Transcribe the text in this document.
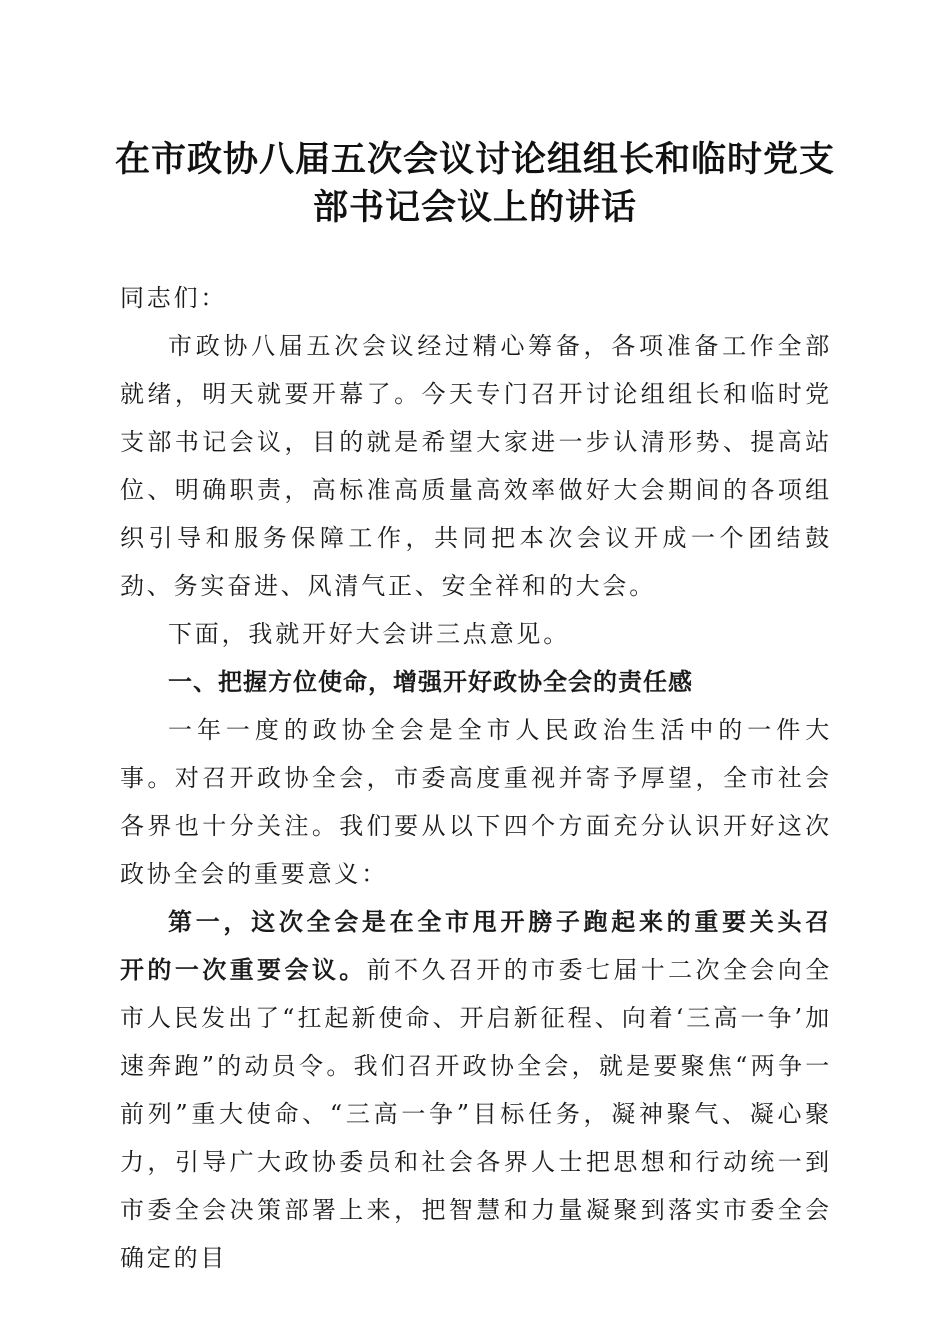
在市政协八届五次会议讨论组组长和临时党支
部书记会议上的讲话

同志们：

市政协八届五次会议经过精心筹备，各项准备工作全部就绪，明天就要开幕了。今天专门召开讨论组组长和临时党支部书记会议，目的就是希望大家进一步认清形势、提高站位、明确职责，高标准高质量高效率做好大会期间的各项组织引导和服务保障工作，共同把本次会议开成一个团结鼓劲、务实奋进、风清气正、安全祥和的大会。

下面，我就开好大会讲三点意见。

一、把握方位使命，增强开好政协全会的责任感

一年一度的政协全会是全市人民政治生活中的一件大事。对召开政协全会，市委高度重视并寄予厚望，全市社会各界也十分关注。我们要从以下四个方面充分认识开好这次政协全会的重要意义：

第一，这次全会是在全市甩开膀子跑起来的重要关头召开的一次重要会议。前不久召开的市委七届十二次全会向全市人民发出了“扛起新使命、开启新征程、向着‘三高一争’加速奔跑”的动员令。我们召开政协全会，就是要聚焦“两争一前列”重大使命、“三高一争”目标任务，凝神聚气、凝心聚力，引导广大政协委员和社会各界人士把思想和行动统一到市委全会决策部署上来，把智慧和力量凝聚到落实市委全会确定的目
